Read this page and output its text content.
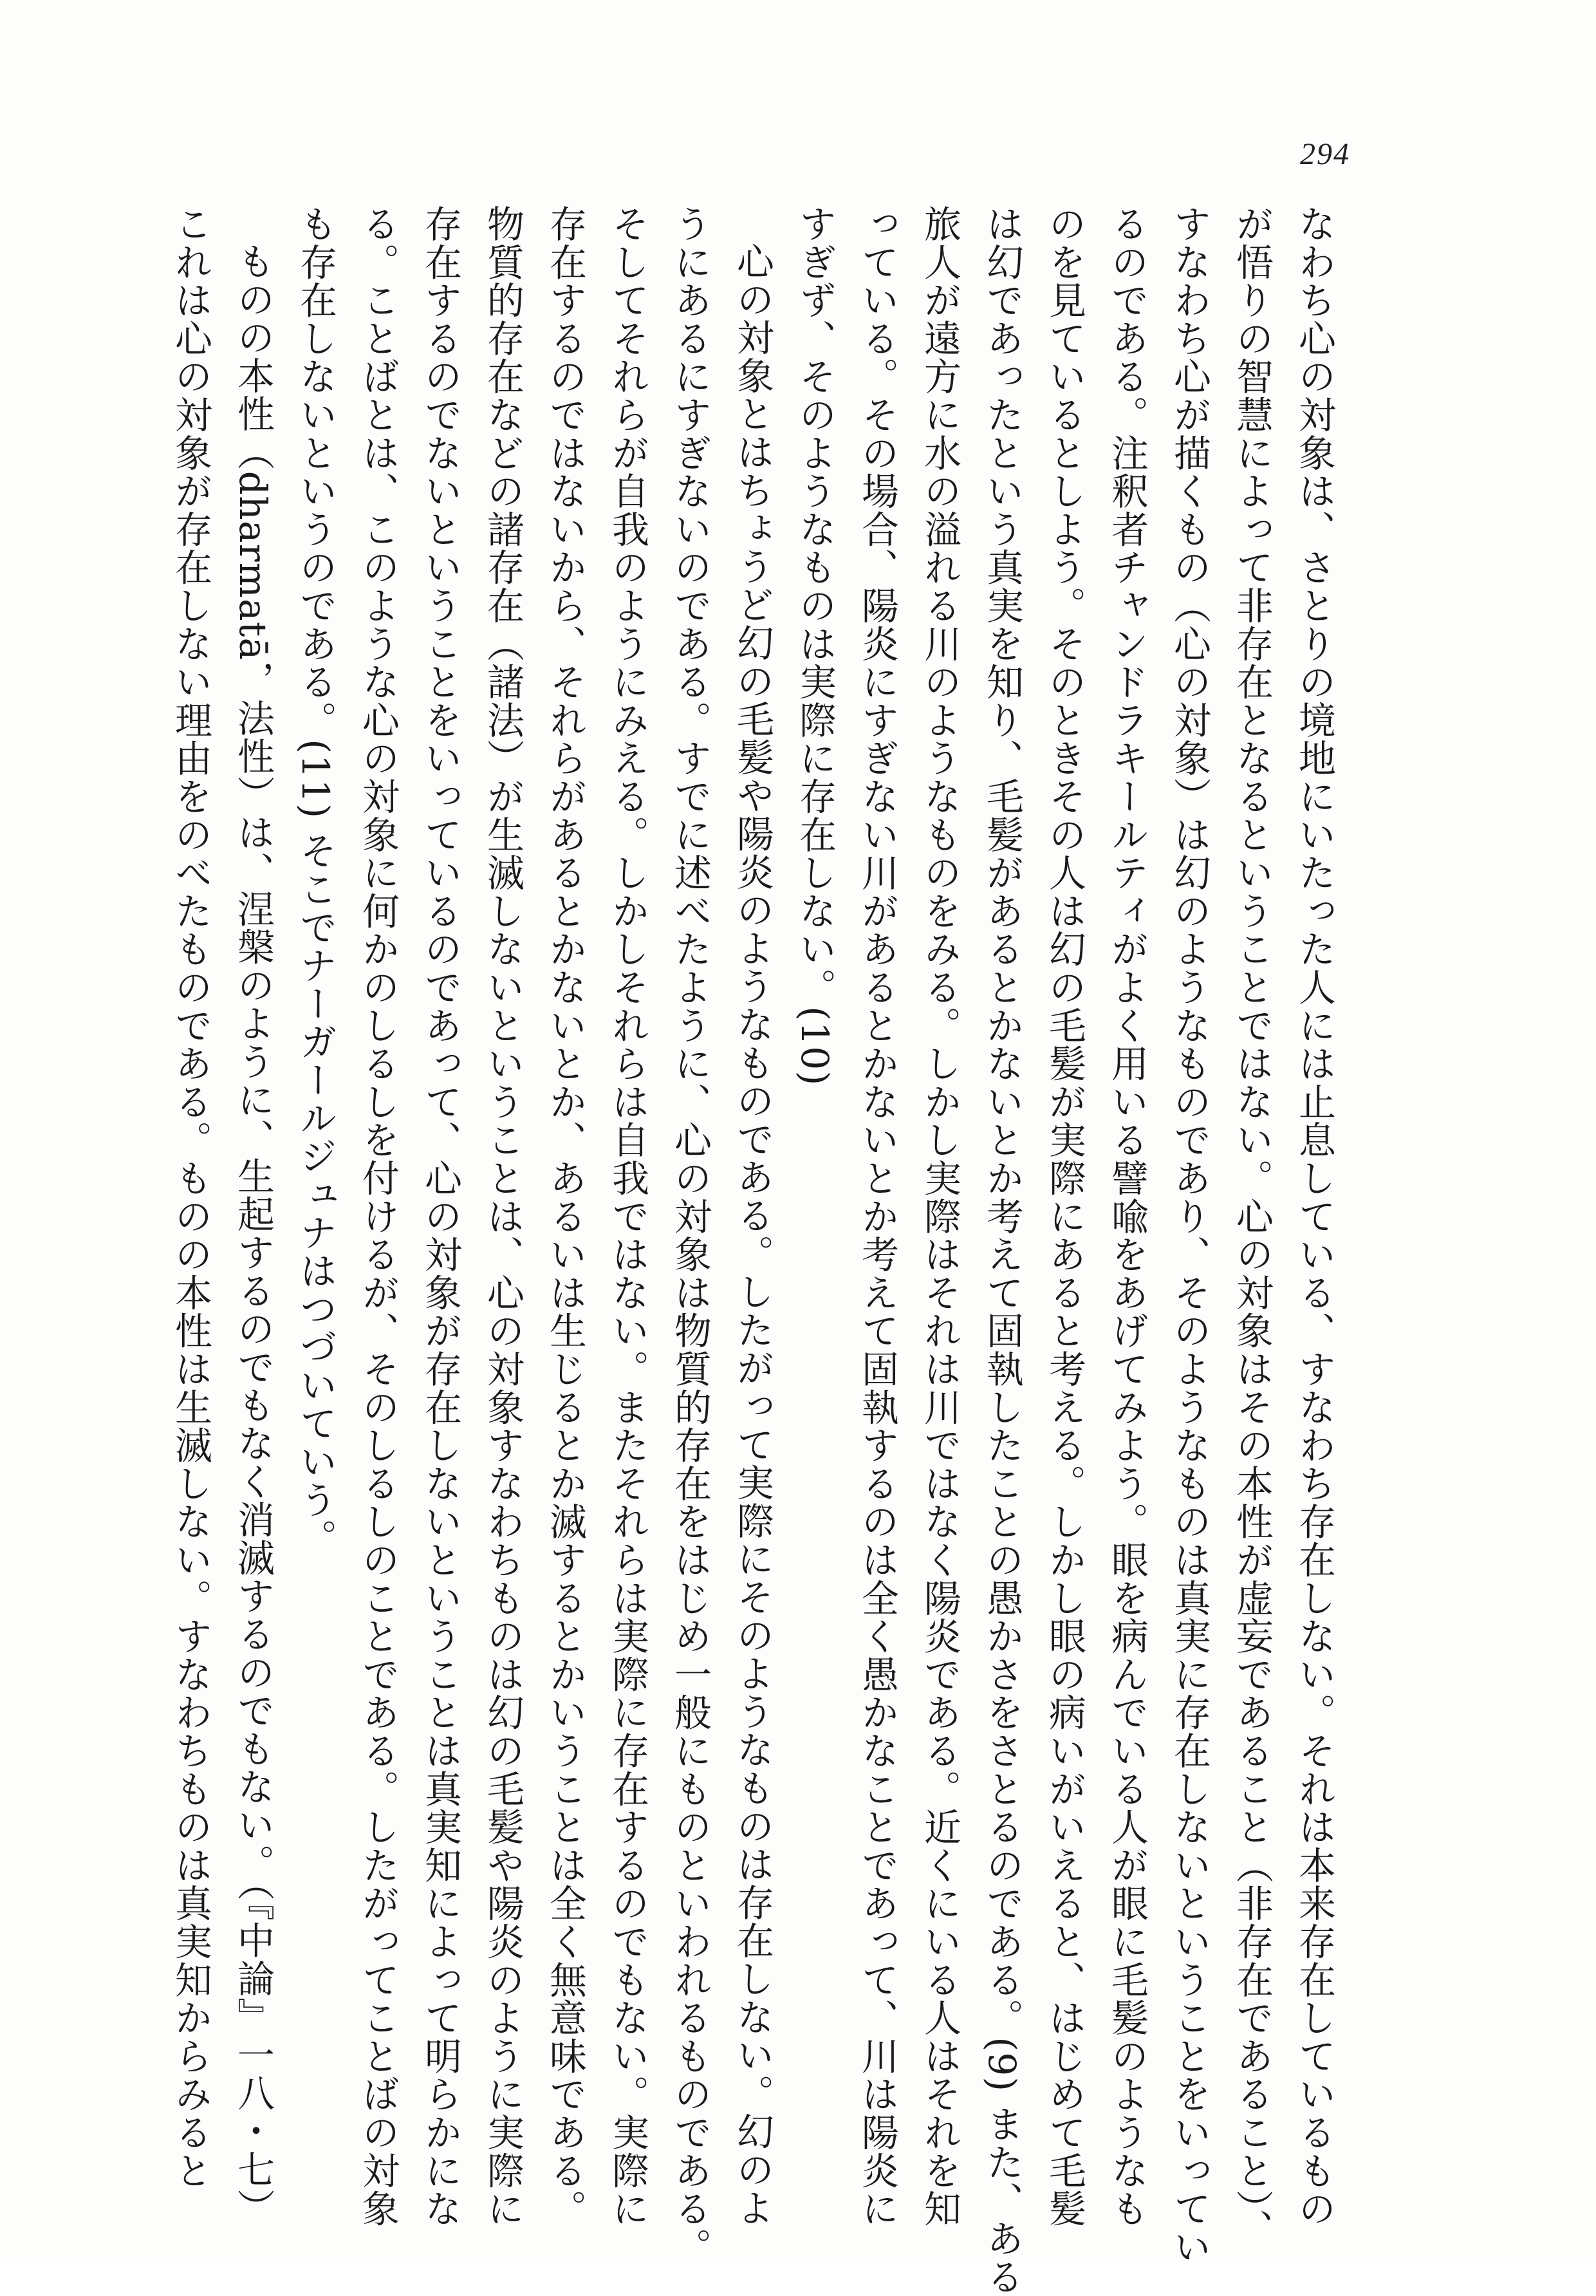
294
なわち心の対象は、さとりの境地にいたった人には止息している、すなわち存在しない。それは本来存在しているもの
が悟りの智慧によって非存在となるということではない。心の対象はその本性が虚妄であること（非存在であること）、
すなわち心が描くもの（心の対象）は幻のようなものであり、そのようなものは真実に存在しないということをいってい
るのである。注釈者チャンドラキールティがよく用いる譬喩をあげてみよう。眼を病んでいる人が眼に毛髪のようなも
のを見ているとしよう。そのときその人は幻の毛髪が実際にあると考える。しかし眼の病いがいえると、はじめて毛髪
は幻であったという真実を知り、毛髪があるとかないとか考えて固執したことの愚かさをさとるのである。(9) また、ある
旅人が遠方に水の溢れる川のようなものをみる。しかし実際はそれは川ではなく陽炎である。近くにいる人はそれを知
っている。その場合、陽炎にすぎない川があるとかないとか考えて固執するのは全く愚かなことであって、川は陽炎に
すぎず、そのようなものは実際に存在しない。(10)
心の対象とはちょうど幻の毛髪や陽炎のようなものである。したがって実際にそのようなものは存在しない。幻のよ
うにあるにすぎないのである。すでに述べたように、心の対象は物質的存在をはじめ一般にものといわれるものである。
そしてそれらが自我のようにみえる。しかしそれらは自我ではない。またそれらは実際に存在するのでもない。実際に
存在するのではないから、それらがあるとかないとか、あるいは生じるとか滅するとかいうことは全く無意味である。
物質的存在などの諸存在（諸法）が生滅しないということは、心の対象すなわちものは幻の毛髪や陽炎のように実際に
存在するのでないということをいっているのであって、心の対象が存在しないということは真実知によって明らかにな
る。ことばとは、このような心の対象に何かのしるしを付けるが、そのしるしのことである。したがってことばの対象
も存在しないというのである。(11) そこでナーガールジュナはつづいていう。
ものの本性（dharmatā，法性）は、涅槃のように、生起するのでもなく消滅するのでもない。（『中論』一八・七）
これは心の対象が存在しない理由をのべたものである。ものの本性は生滅しない。すなわちものは真実知からみると
